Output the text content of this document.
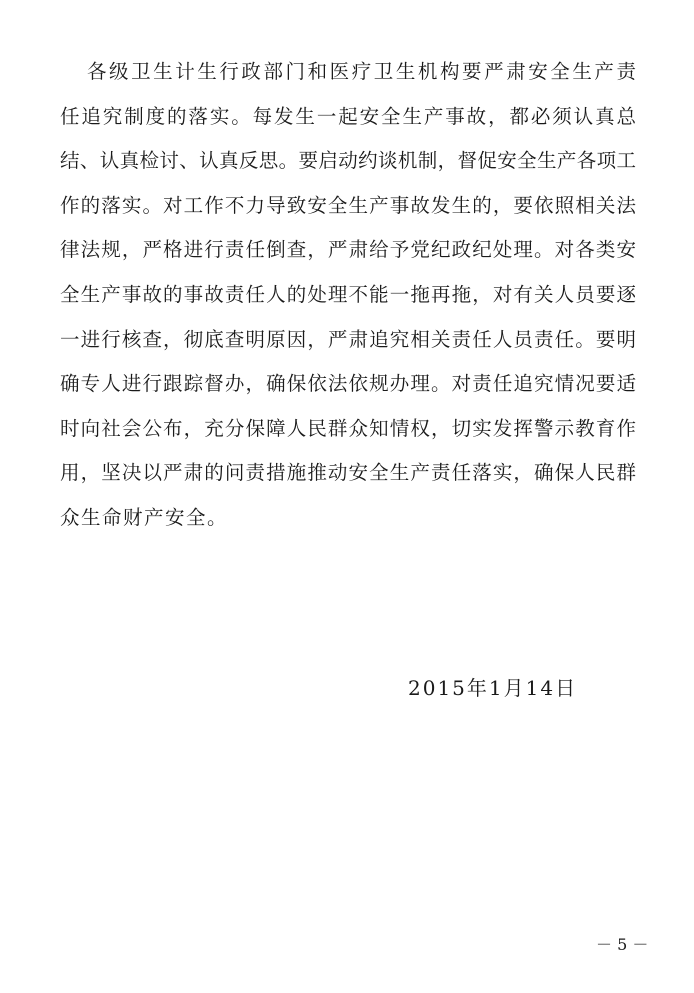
各级卫生计生行政部门和医疗卫生机构要严肃安全生产责
任追究制度的落实。每发生一起安全生产事故，都必须认真总
结、认真检讨、认真反思。要启动约谈机制，督促安全生产各项工
作的落实。对工作不力导致安全生产事故发生的，要依照相关法
律法规，严格进行责任倒查，严肃给予党纪政纪处理。对各类安
全生产事故的事故责任人的处理不能一拖再拖，对有关人员要逐
一进行核查，彻底查明原因，严肃追究相关责任人员责任。要明
确专人进行跟踪督办，确保依法依规办理。对责任追究情况要适
时向社会公布，充分保障人民群众知情权，切实发挥警示教育作
用，坚决以严肃的问责措施推动安全生产责任落实，确保人民群
众生命财产安全。
2015年1月14日
－ 5 －
